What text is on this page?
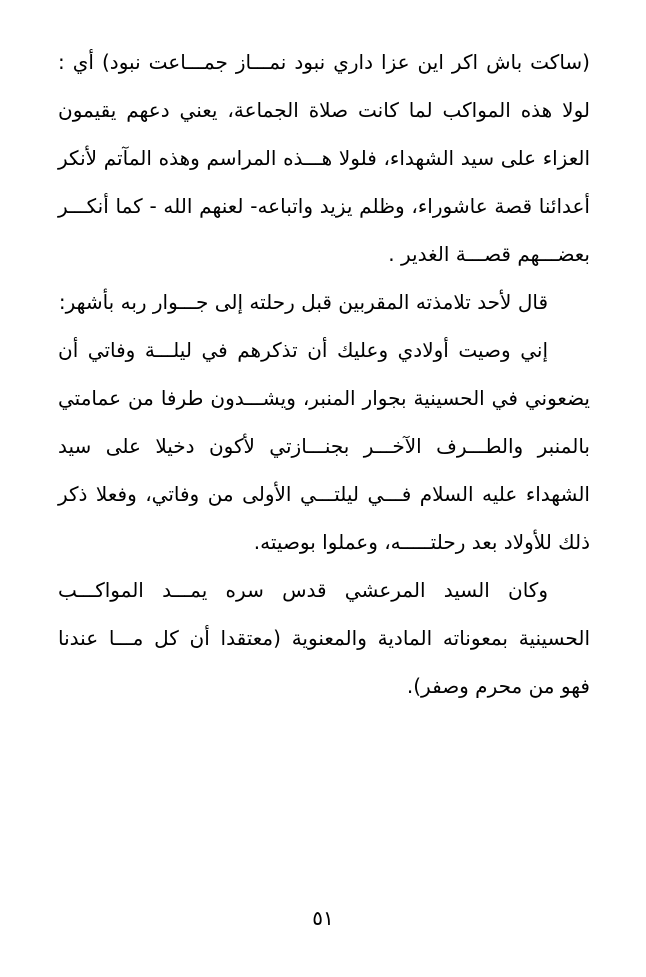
(ساكت باش اكر اين عزا داري نبود نمـــاز جمـــاعت نبود) أي : لولا هذه المواكب لما كانت صلاة الجماعة، يعني دعهم يقيمون العزاء على سيد الشهداء، فلولا هـــذه المراسم وهذه المآتم لأنكر أعدائنا قصة عاشوراء، وظلم يزيد واتباعه- لعنهم الله - كما أنكـــر بعضـــهم قصـــة الغدير .

قال لأحد تلامذته المقربين قبل رحلته إلى جـــوار ربه بأشهر:

إني وصيت أولادي وعليك أن تذكرهم في ليلـــة وفاتي أن يضعوني في الحسينية بجوار المنبر، ويشـــدون طرفا من عمامتي بالمنبر والطـــرف الآخـــر بجنـــازتي لأكون دخيلا على سيد الشهداء عليه السلام فـــي ليلتـــي الأولى من وفاتي، وفعلا ذكر ذلك للأولاد بعد رحلتـــــه، وعملوا بوصيته.

وكان السيد المرعشي قدس سره يمـــد المواكـــب الحسينية بمعوناته المادية والمعنوية (معتقدا أن كل مـــا عندنا فهو من محرم وصفر).

٥١
